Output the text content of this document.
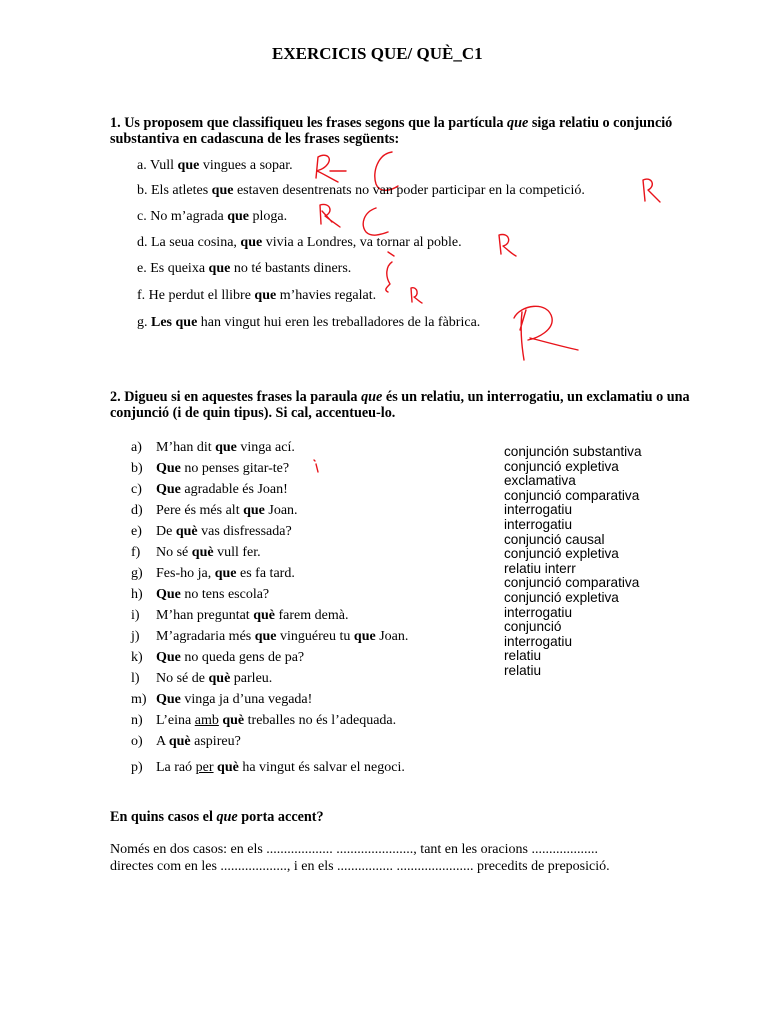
EXERCICIS QUE/ QUÈ_C1
1. Us proposem que classifiqueu les frases segons que la partícula que siga relatiu o conjunció substantiva en cadascuna de les frases següents:
2. Digueu si en aquestes frases la paraula que és un relatiu, un interrogatiu, un exclamatiu o una conjunció (i de quin tipus). Si cal, accentueu-lo.
En quins casos el que porta accent?
Només en dos casos: en els ................... ......................, tant en les oracions ...................
directes com en les ..................., i en els ................ ...................... precedits de preposició.
a. Vull que vingues a sopar.
b. Els atletes que estaven desentrenats no van poder participar en la competició.
c. No m’agrada que ploga.
d. La seua cosina, que vivia a Londres, va tornar al poble.
e. Es queixa que no té bastants diners.
f. He perdut el llibre que m’havies regalat.
g. Les que han vingut hui eren les treballadores de la fàbrica.
a) M’han dit que vinga ací.
b) Que no penses gitar-te?
c) Que agradable és Joan!
d) Pere és més alt que Joan.
e) De què vas disfressada?
f) No sé què vull fer.
g) Fes-ho ja, que es fa tard.
h) Que no tens escola?
i) M’han preguntat què farem demà.
j) M’agradaria més que vinguéreu tu que Joan.
k) Que no queda gens de pa?
l) No sé de què parleu.
m) Que vinga ja d’una vegada!
n) L’eina amb què treballes no és l’adequada.
o) A què aspireu?
p) La raó per què ha vingut és salvar el negoci.
conjunción substantiva
conjunció expletiva
exclamativa
conjunció comparativa
interrogatiu
interrogatiu
conjunció causal
conjunció expletiva
relatiu interr
conjunció comparativa
conjunció expletiva
interrogatiu
conjunció
interrogatiu
relatiu
relatiu
